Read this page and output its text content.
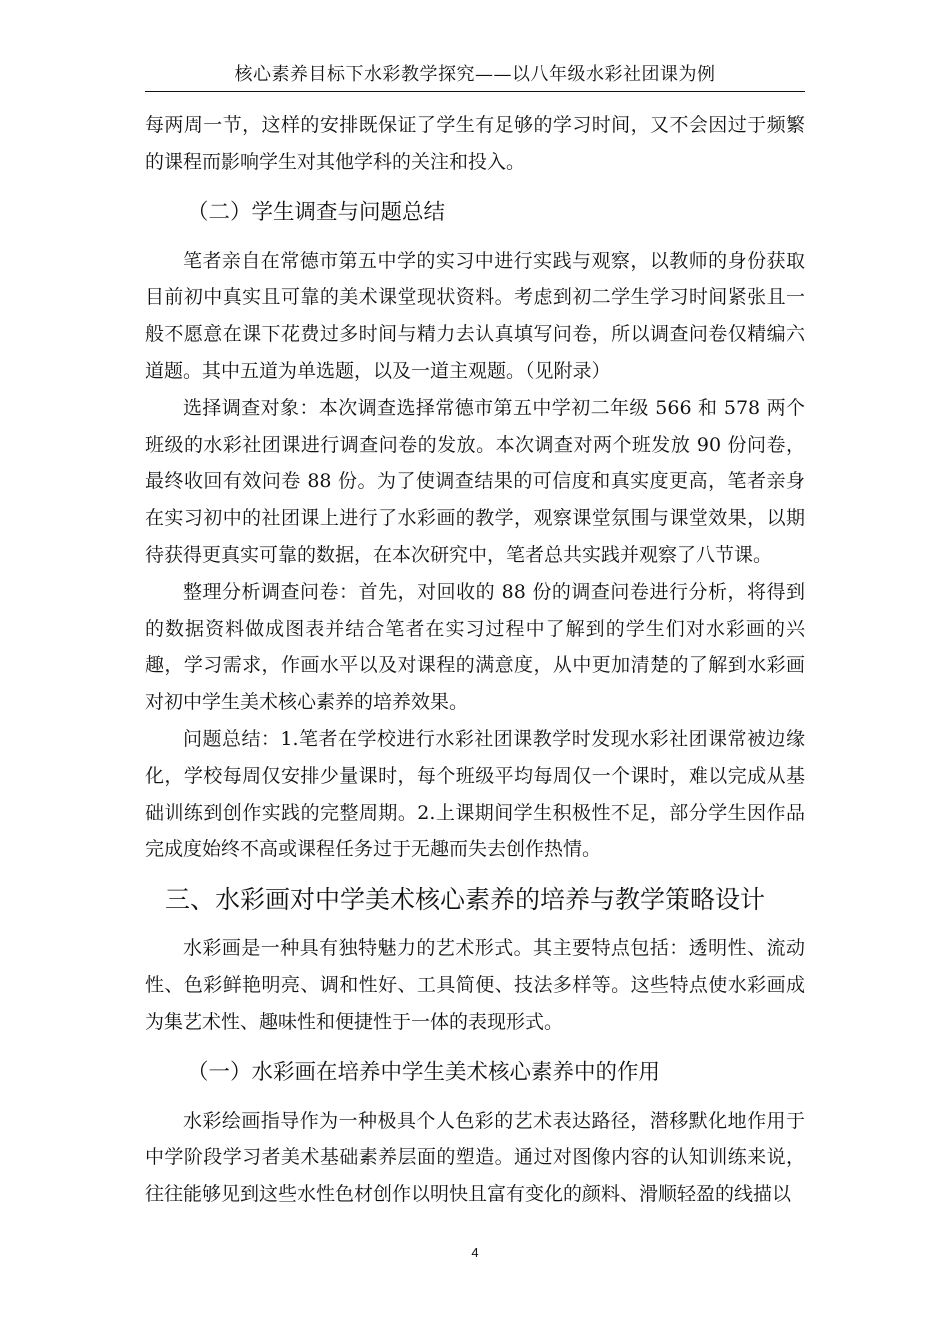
核心素养目标下水彩教学探究——以八年级水彩社团课为例

每两周一节，这样的安排既保证了学生有足够的学习时间，又不会因过于频繁的课程而影响学生对其他学科的关注和投入。

（二）学生调查与问题总结

笔者亲自在常德市第五中学的实习中进行实践与观察，以教师的身份获取目前初中真实且可靠的美术课堂现状资料。考虑到初二学生学习时间紧张且一般不愿意在课下花费过多时间与精力去认真填写问卷，所以调查问卷仅精编六道题。其中五道为单选题，以及一道主观题。（见附录）

选择调查对象：本次调查选择常德市第五中学初二年级 566 和 578 两个班级的水彩社团课进行调查问卷的发放。本次调查对两个班发放 90 份问卷，最终收回有效问卷 88 份。为了使调查结果的可信度和真实度更高，笔者亲身在实习初中的社团课上进行了水彩画的教学，观察课堂氛围与课堂效果，以期待获得更真实可靠的数据，在本次研究中，笔者总共实践并观察了八节课。

整理分析调查问卷：首先，对回收的 88 份的调查问卷进行分析，将得到的数据资料做成图表并结合笔者在实习过程中了解到的学生们对水彩画的兴趣，学习需求，作画水平以及对课程的满意度，从中更加清楚的了解到水彩画对初中学生美术核心素养的培养效果。

问题总结：1.笔者在学校进行水彩社团课教学时发现水彩社团课常被边缘化，学校每周仅安排少量课时，每个班级平均每周仅一个课时，难以完成从基础训练到创作实践的完整周期。2.上课期间学生积极性不足，部分学生因作品完成度始终不高或课程任务过于无趣而失去创作热情。

三、水彩画对中学美术核心素养的培养与教学策略设计

水彩画是一种具有独特魅力的艺术形式。其主要特点包括：透明性、流动性、色彩鲜艳明亮、调和性好、工具简便、技法多样等。这些特点使水彩画成为集艺术性、趣味性和便捷性于一体的表现形式。

（一）水彩画在培养中学生美术核心素养中的作用

水彩绘画指导作为一种极具个人色彩的艺术表达路径，潜移默化地作用于中学阶段学习者美术基础素养层面的塑造。通过对图像内容的认知训练来说，往往能够见到这些水性色材创作以明快且富有变化的颜料、滑顺轻盈的线描以

4
